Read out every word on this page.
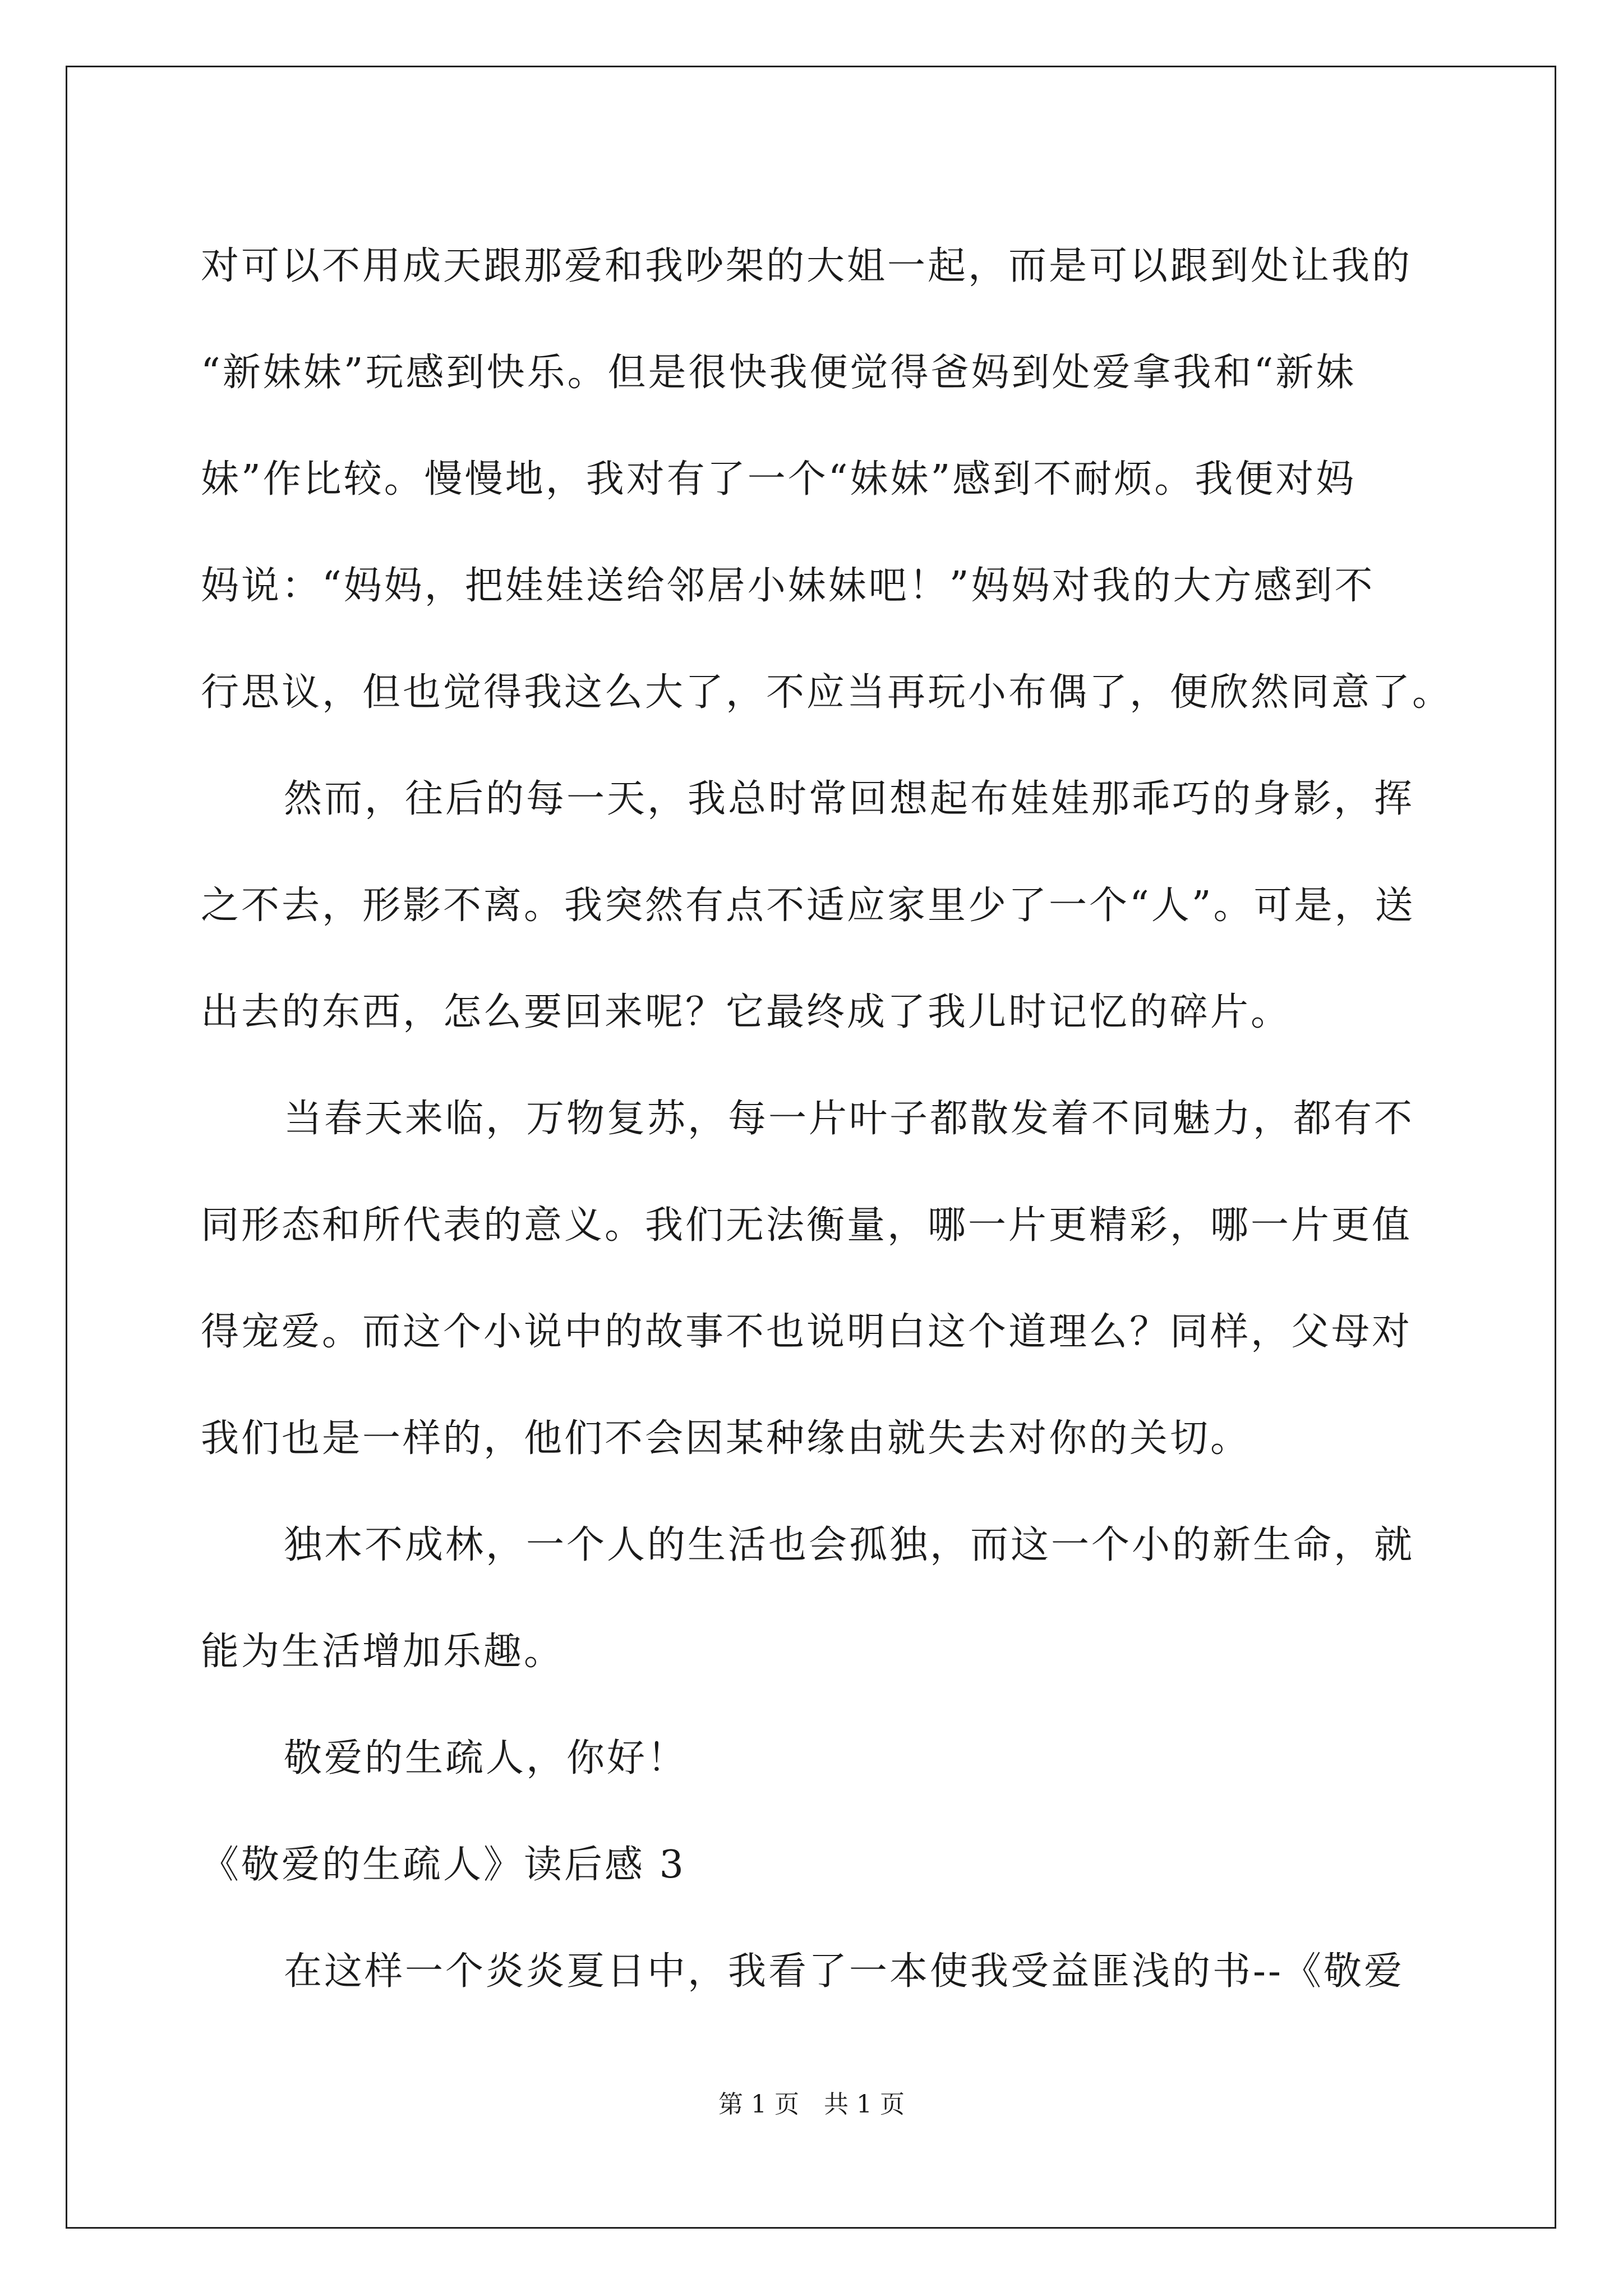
对可以不用成天跟那爱和我吵架的大姐一起，而是可以跟到处让我的
“新妹妹”玩感到快乐。但是很快我便觉得爸妈到处爱拿我和“新妹
妹”作比较。慢慢地，我对有了一个“妹妹”感到不耐烦。我便对妈
妈说：“妈妈，把娃娃送给邻居小妹妹吧！”妈妈对我的大方感到不
行思议，但也觉得我这么大了，不应当再玩小布偶了，便欣然同意了。
然而，往后的每一天，我总时常回想起布娃娃那乖巧的身影，挥
之不去，形影不离。我突然有点不适应家里少了一个“人”。可是，送
出去的东西，怎么要回来呢？它最终成了我儿时记忆的碎片。
当春天来临，万物复苏，每一片叶子都散发着不同魅力，都有不
同形态和所代表的意义。我们无法衡量，哪一片更精彩，哪一片更值
得宠爱。而这个小说中的故事不也说明白这个道理么？同样，父母对
我们也是一样的，他们不会因某种缘由就失去对你的关切。
独木不成林，一个人的生活也会孤独，而这一个小的新生命，就
能为生活增加乐趣。
敬爱的生疏人，你好！
《敬爱的生疏人》读后感 3
在这样一个炎炎夏日中，我看了一本使我受益匪浅的书--《敬爱
第 1 页 共 1 页
